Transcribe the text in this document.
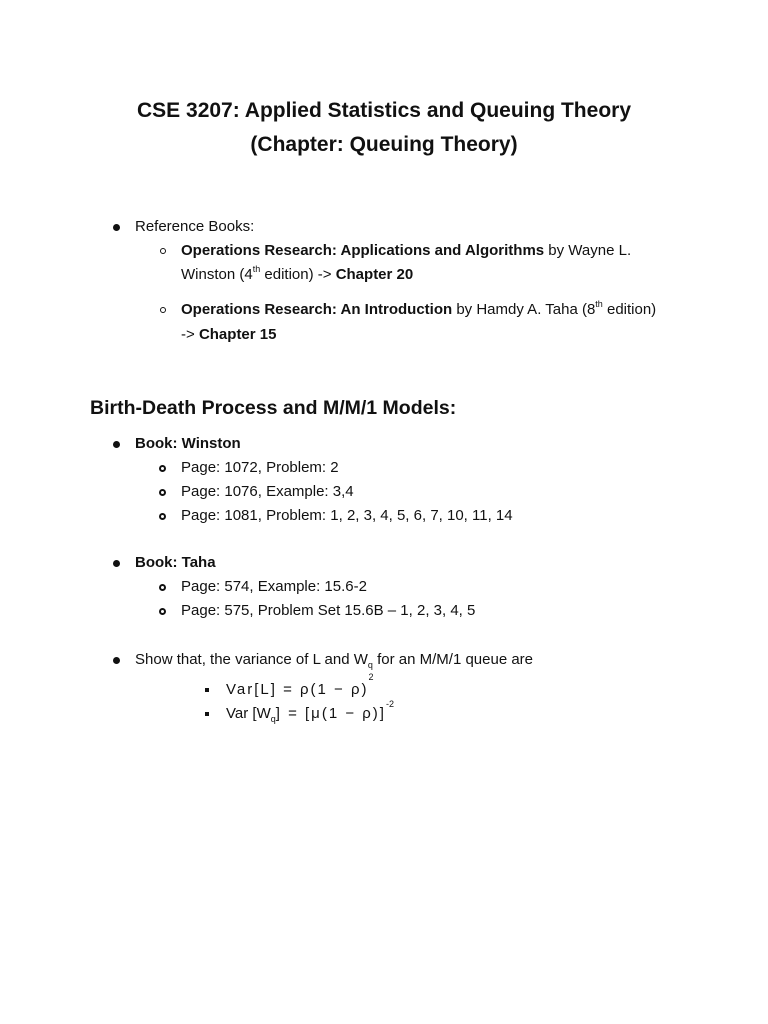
CSE 3207: Applied Statistics and Queuing Theory
(Chapter: Queuing Theory)
Reference Books:
Operations Research: Applications and Algorithms by Wayne L.
Winston (4th edition) -> Chapter 20
Operations Research: An Introduction by Hamdy A. Taha (8th edition)
-> Chapter 15
Birth-Death Process and M/M/1 Models:
Book: Winston
Page: 1072, Problem: 2
Page: 1076, Example: 3,4
Page: 1081, Problem: 1, 2, 3, 4, 5, 6, 7, 10, 11, 14
Book: Taha
Page: 574, Example: 15.6-2
Page: 575, Problem Set 15.6B – 1, 2, 3, 4, 5
Show that, the variance of L and $W_q$ for an M/M/1 queue are
$Var[L] = \rho(1 - \rho)^2$
Var $[W_q] = [\mu(1 - \rho)]^{-2}$
